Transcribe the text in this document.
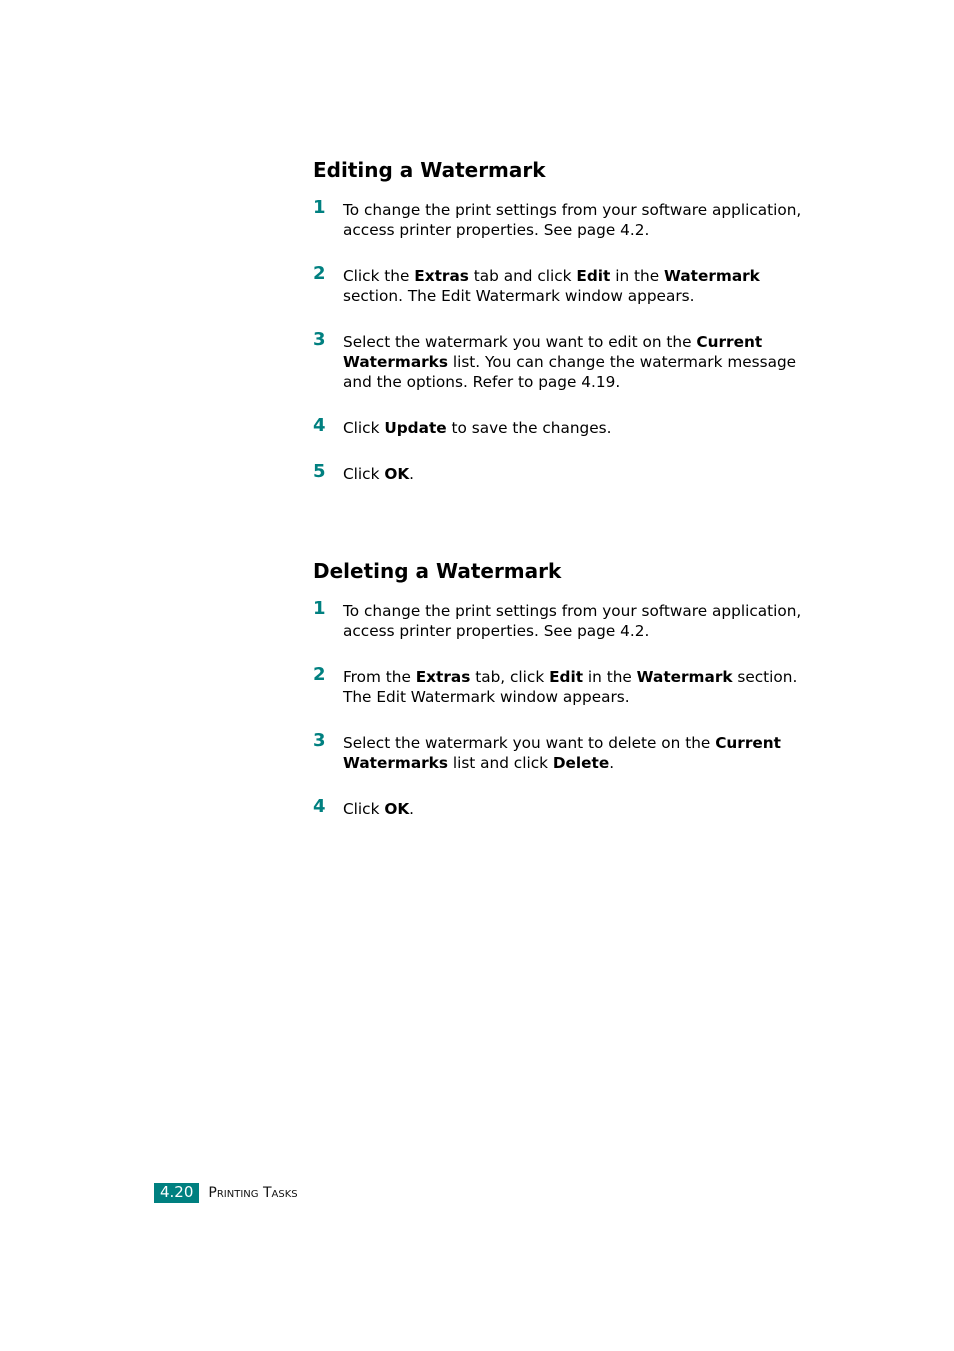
Editing a Watermark
1 To change the print settings from your software application, access printer properties. See page 4.2.
2 Click the Extras tab and click Edit in the Watermark section. The Edit Watermark window appears.
3 Select the watermark you want to edit on the Current Watermarks list. You can change the watermark message and the options. Refer to page 4.19.
4 Click Update to save the changes.
5 Click OK.
Deleting a Watermark
1 To change the print settings from your software application, access printer properties. See page 4.2.
2 From the Extras tab, click Edit in the Watermark section. The Edit Watermark window appears.
3 Select the watermark you want to delete on the Current Watermarks list and click Delete.
4 Click OK.
4.20	Printing Tasks
